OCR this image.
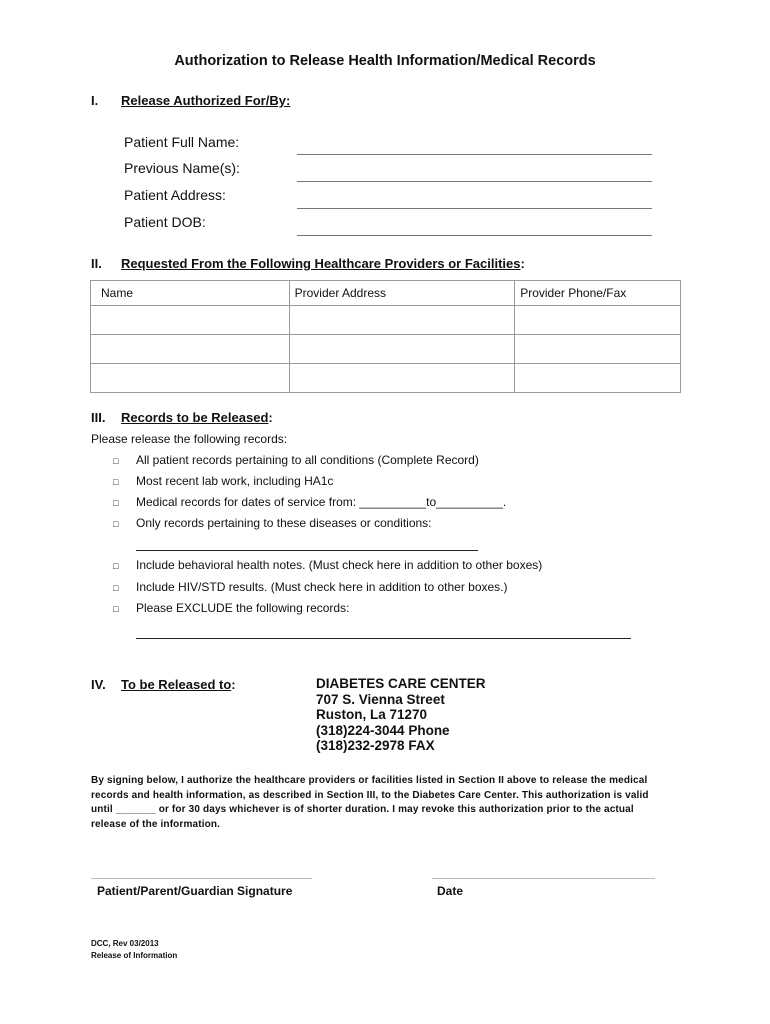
Authorization to Release Health Information/Medical Records
I. Release Authorized For/By:
Patient Full Name:
Previous Name(s):
Patient Address:
Patient DOB:
II. Requested From the Following Healthcare Providers or Facilities:
Name	Provider Address	Provider Phone/Fax

III. Records to be Released:
Please release the following records:
□ All patient records pertaining to all conditions (Complete Record)
□ Most recent lab work, including HA1c
□ Medical records for dates of service from: __________to__________.
□ Only records pertaining to these diseases or conditions:
□ Include behavioral health notes. (Must check here in addition to other boxes)
□ Include HIV/STD results. (Must check here in addition to other boxes.)
□ Please EXCLUDE the following records:
IV. To be Released to:	DIABETES CARE CENTER
707 S. Vienna Street
Ruston, La 71270
(318)224-3044 Phone
(318)232-2978 FAX
By signing below, I authorize the healthcare providers or facilities listed in Section II above to release the medical records and health information, as described in Section III, to the Diabetes Care Center. This authorization is valid until _______ or for 30 days whichever is of shorter duration. I may revoke this authorization prior to the actual release of the information.
Patient/Parent/Guardian Signature	Date
DCC, Rev 03/2013
Release of Information
